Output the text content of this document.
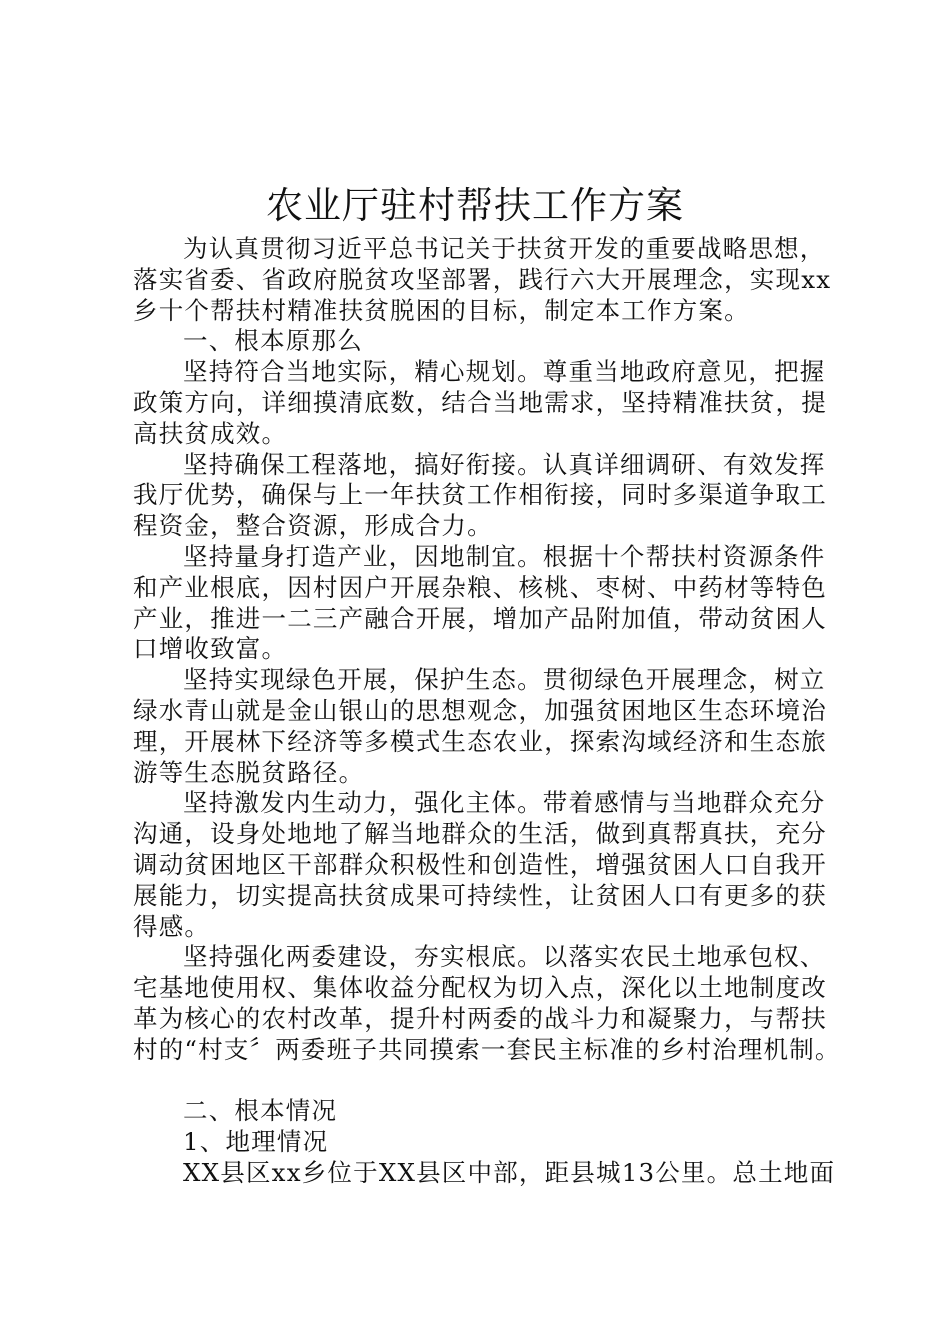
农业厅驻村帮扶工作方案
为认真贯彻习近平总书记关于扶贫开发的重要战略思想，
落实省委、省政府脱贫攻坚部署，践行六大开展理念，实现xx
乡十个帮扶村精准扶贫脱困的目标，制定本工作方案。
一、根本原那么
坚持符合当地实际，精心规划。尊重当地政府意见，把握
政策方向，详细摸清底数，结合当地需求，坚持精准扶贫，提
高扶贫成效。
坚持确保工程落地，搞好衔接。认真详细调研、有效发挥
我厅优势，确保与上一年扶贫工作相衔接，同时多渠道争取工
程资金，整合资源，形成合力。
坚持量身打造产业，因地制宜。根据十个帮扶村资源条件
和产业根底，因村因户开展杂粮、核桃、枣树、中药材等特色
产业，推进一二三产融合开展，增加产品附加值，带动贫困人
口增收致富。
坚持实现绿色开展，保护生态。贯彻绿色开展理念，树立
绿水青山就是金山银山的思想观念，加强贫困地区生态环境治
理，开展林下经济等多模式生态农业，探索沟域经济和生态旅
游等生态脱贫路径。
坚持激发内生动力，强化主体。带着感情与当地群众充分
沟通，设身处地地了解当地群众的生活，做到真帮真扶，充分
调动贫困地区干部群众积极性和创造性，增强贫困人口自我开
展能力，切实提高扶贫成果可持续性，让贫困人口有更多的获
得感。
坚持强化两委建设，夯实根底。以落实农民土地承包权、
宅基地使用权、集体收益分配权为切入点，深化以土地制度改
革为核心的农村改革，提升村两委的战斗力和凝聚力，与帮扶
村的“村支〞两委班子共同摸索一套民主标准的乡村治理机制。
二、根本情况
1、地理情况
XX县区xx乡位于XX县区中部，距县城13公里。总土地面
